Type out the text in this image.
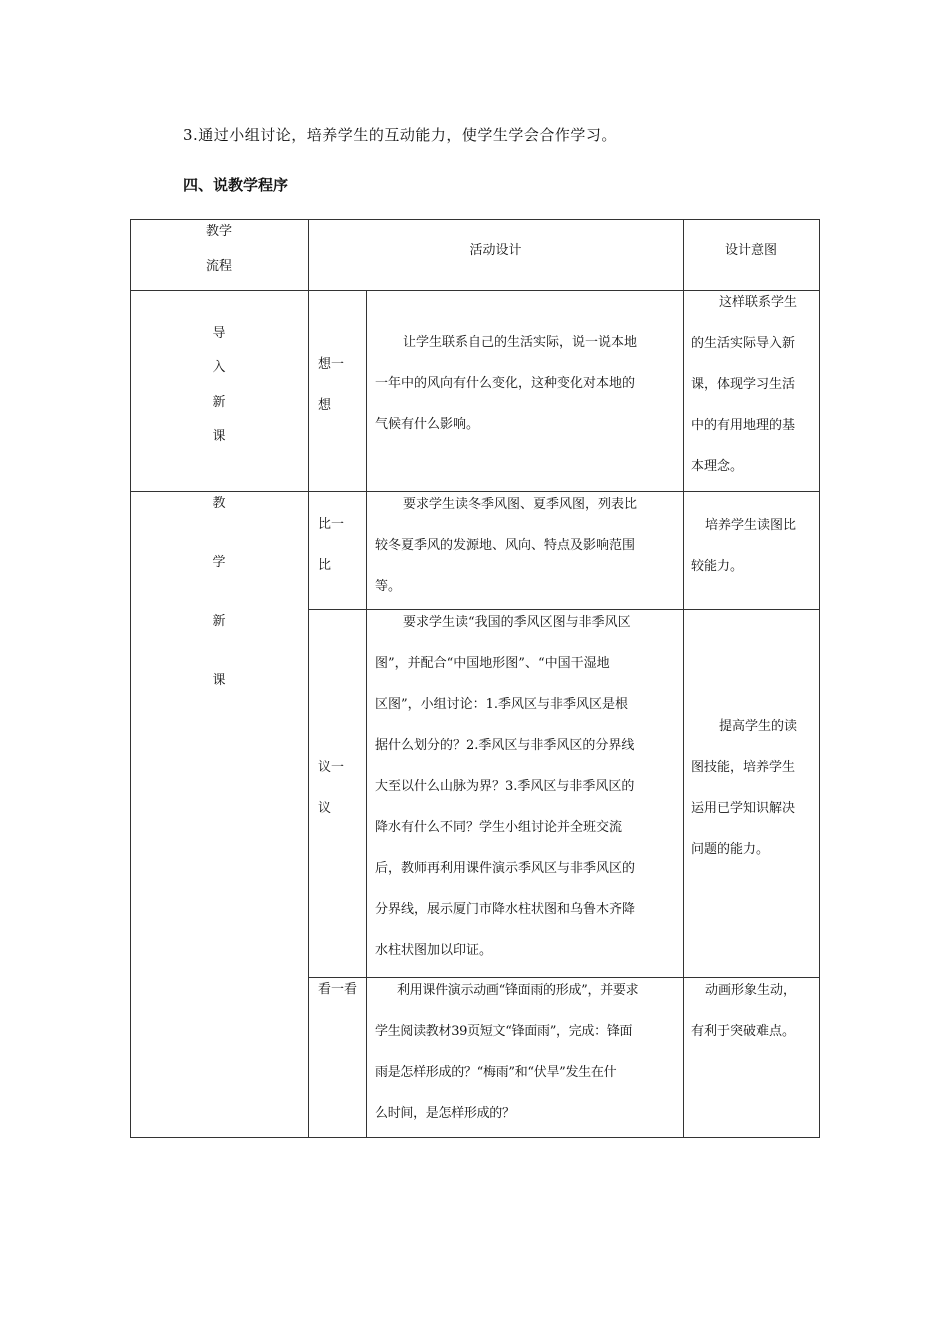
3.通过小组讨论，培养学生的互动能力，使学生学会合作学习。
四、说教学程序
教学
流程
活动设计	设计意图
导
入
新
课
想一
想
让学生联系自己的生活实际，说一说本地
一年中的风向有什么变化，这种变化对本地的
气候有什么影响。
这样联系学生
的生活实际导入新
课，体现学习生活
中的有用地理的基
本理念。
教
学
新
课
比一
比
要求学生读冬季风图、夏季风图，列表比
较冬夏季风的发源地、风向、特点及影响范围
等。
培养学生读图比
较能力。
议一
议
要求学生读“我国的季风区图与非季风区
图”，并配合“中国地形图”、“中国干湿地
区图”，小组讨论：1.季风区与非季风区是根
据什么划分的？2.季风区与非季风区的分界线
大至以什么山脉为界？3.季风区与非季风区的
降水有什么不同？学生小组讨论并全班交流
后，教师再利用课件演示季风区与非季风区的
分界线，展示厦门市降水柱状图和乌鲁木齐降
水柱状图加以印证。
提高学生的读
图技能，培养学生
运用已学知识解决
问题的能力。
看一看	利用课件演示动画“锋面雨的形成”，并要求
学生阅读教材39页短文“锋面雨”，完成：锋面
雨是怎样形成的？“梅雨”和“伏旱”发生在什
么时间，是怎样形成的？
动画形象生动，
有利于突破难点。
